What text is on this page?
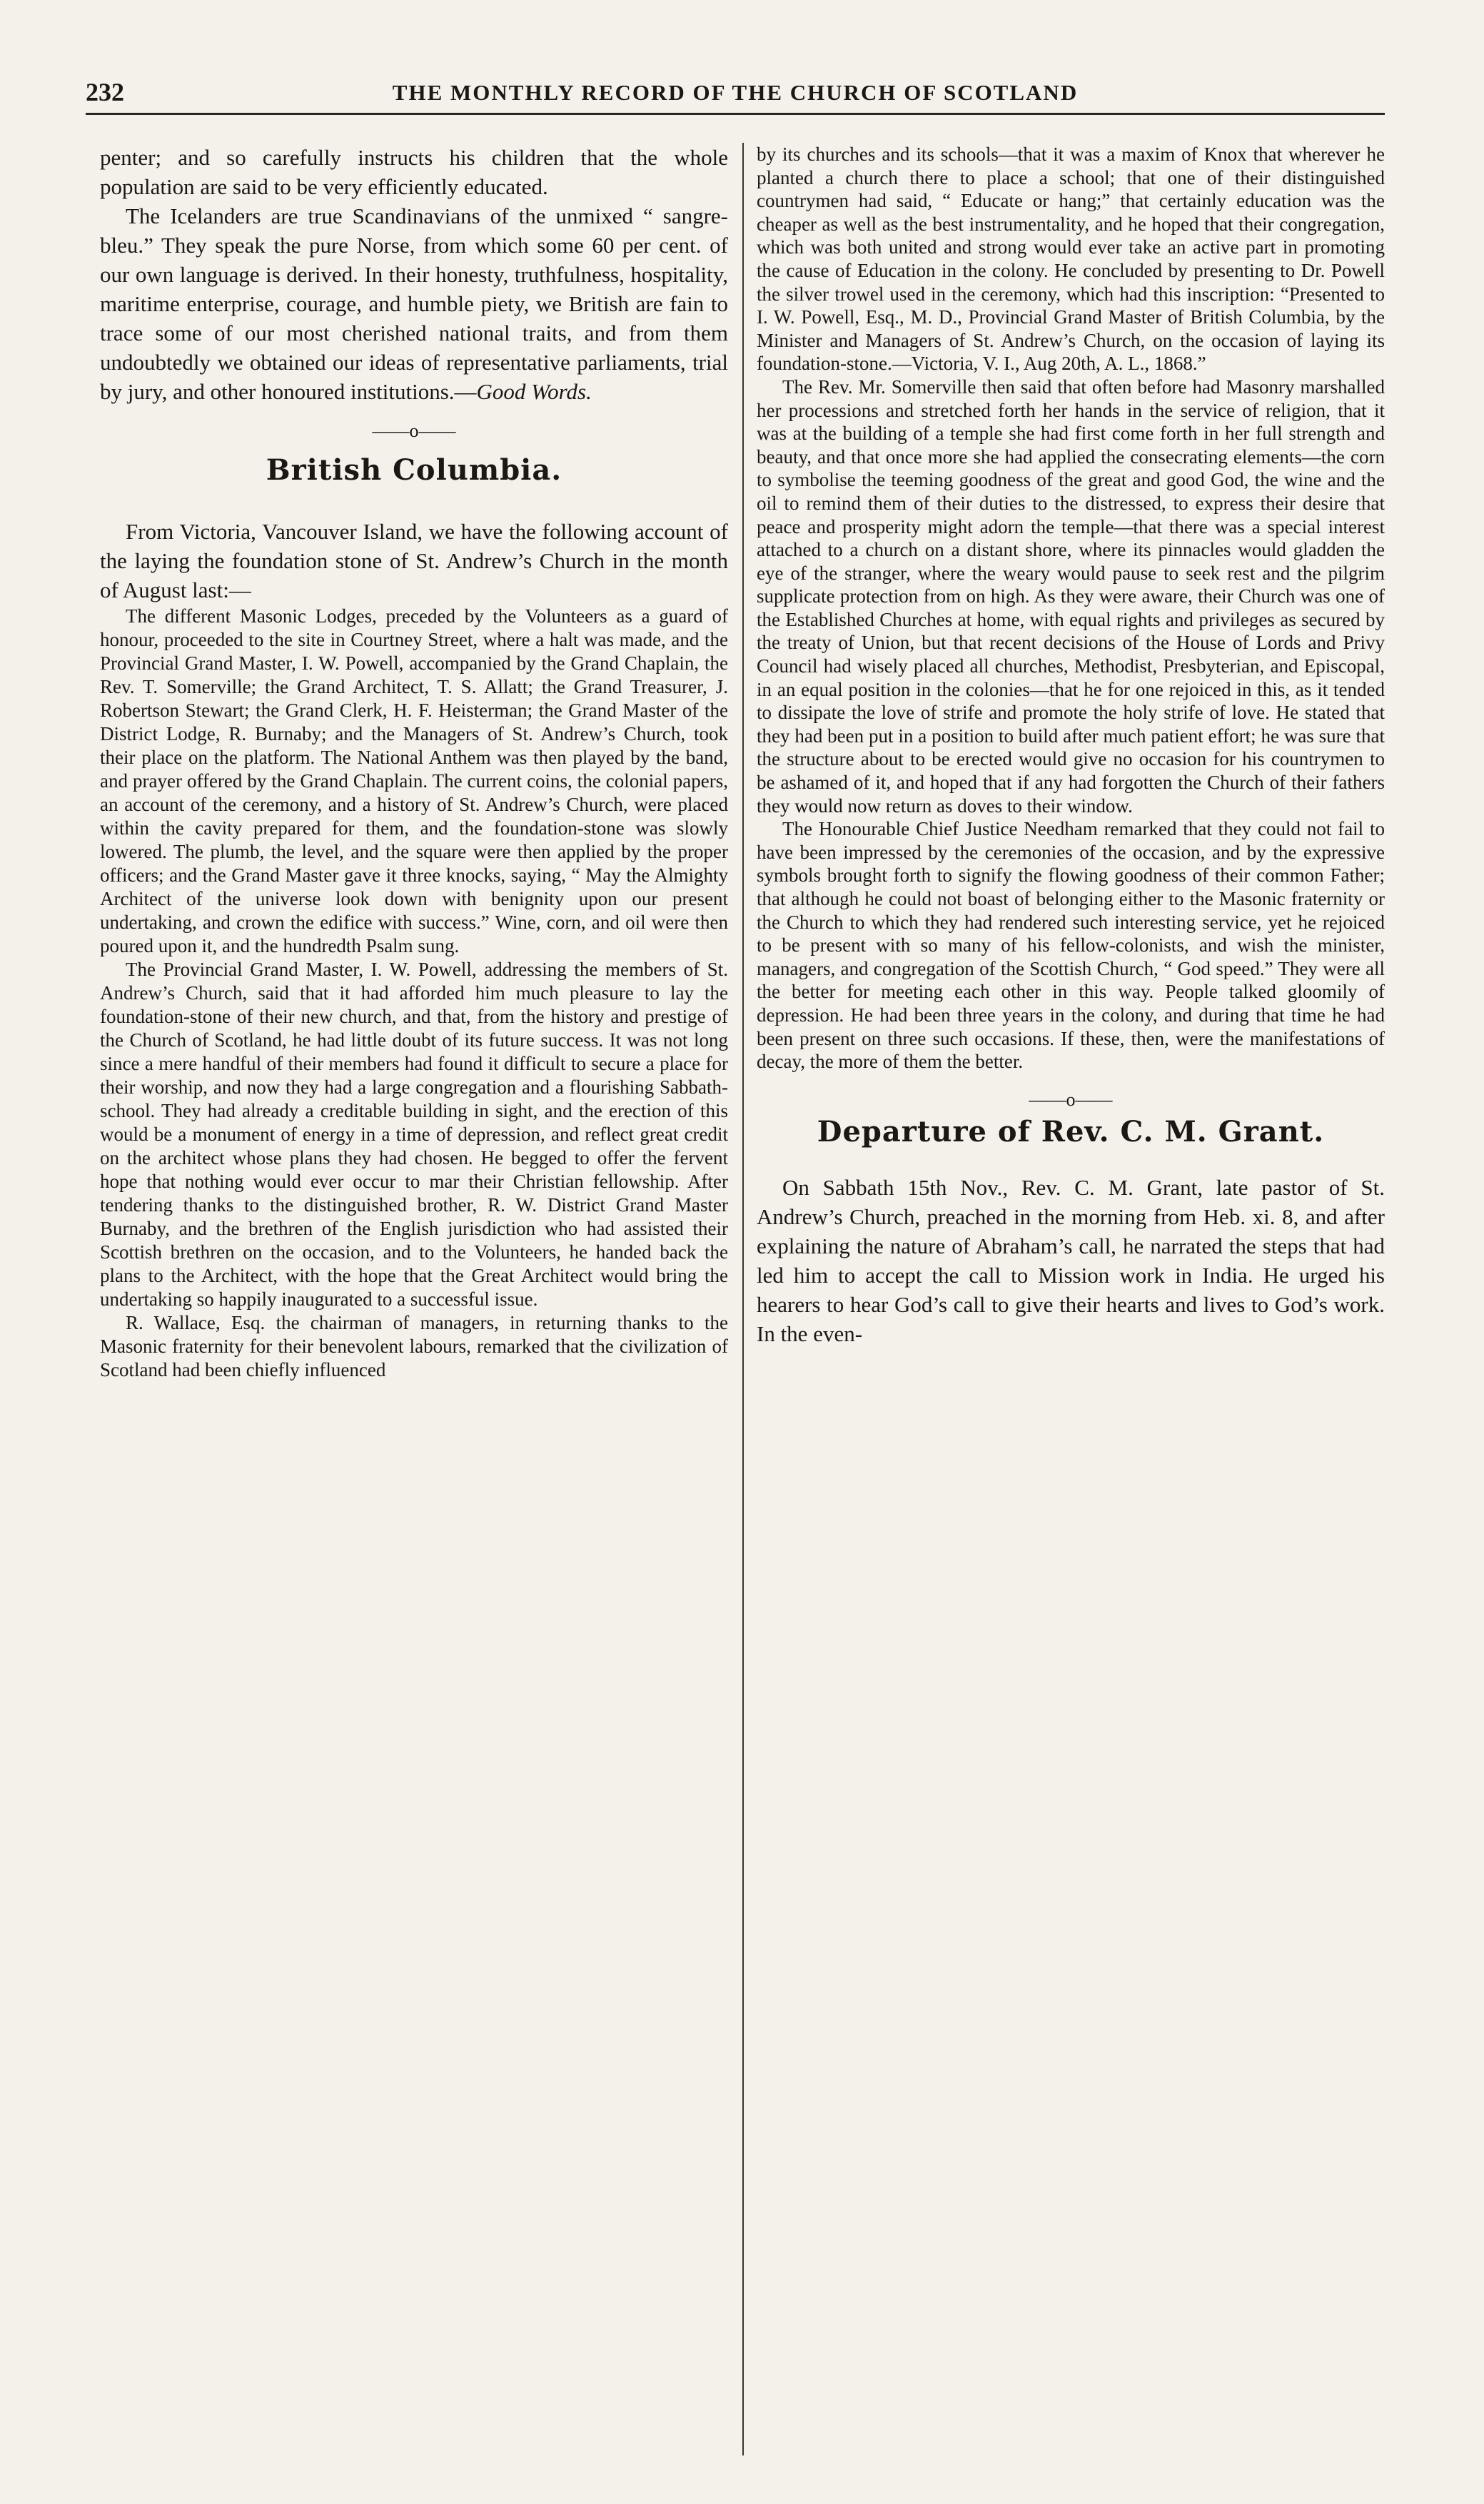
232	THE MONTHLY RECORD OF THE CHURCH OF SCOTLAND

penter; and so carefully instructs his children that the whole population are said to be very efficiently educated.

The Icelanders are true Scandinavians of the unmixed “ sangre-bleu.” They speak the pure Norse, from which some 60 per cent. of our own language is derived. In their honesty, truthfulness, hospitality, maritime enterprise, courage, and humble piety, we British are fain to trace some of our most cherished national traits, and from them undoubtedly we obtained our ideas of representative parliaments, trial by jury, and other honoured institutions.—Good Words.

——o——
British Columbia.

From Victoria, Vancouver Island, we have the following account of the laying the foundation stone of St. Andrew’s Church in the month of August last:—

The different Masonic Lodges, preceded by the Volunteers as a guard of honour, proceeded to the site in Courtney Street, where a halt was made, and the Provincial Grand Master, I. W. Powell, accompanied by the Grand Chaplain, the Rev. T. Somerville; the Grand Architect, T. S. Allatt; the Grand Treasurer, J. Robertson Stewart; the Grand Clerk, H. F. Heisterman; the Grand Master of the District Lodge, R. Burnaby; and the Managers of St. Andrew’s Church, took their place on the platform. The National Anthem was then played by the band, and prayer offered by the Grand Chaplain. The current coins, the colonial papers, an account of the ceremony, and a history of St. Andrew’s Church, were placed within the cavity prepared for them, and the foundation-stone was slowly lowered. The plumb, the level, and the square were then applied by the proper officers; and the Grand Master gave it three knocks, saying, “ May the Almighty Architect of the universe look down with benignity upon our present undertaking, and crown the edifice with success.” Wine, corn, and oil were then poured upon it, and the hundredth Psalm sung.

The Provincial Grand Master, I. W. Powell, addressing the members of St. Andrew’s Church, said that it had afforded him much pleasure to lay the foundation-stone of their new church, and that, from the history and prestige of the Church of Scotland, he had little doubt of its future success. It was not long since a mere handful of their members had found it difficult to secure a place for their worship, and now they had a large congregation and a flourishing Sabbath-school. They had already a creditable building in sight, and the erection of this would be a monument of energy in a time of depression, and reflect great credit on the architect whose plans they had chosen. He begged to offer the fervent hope that nothing would ever occur to mar their Christian fellowship. After tendering thanks to the distinguished brother, R. W. District Grand Master Burnaby, and the brethren of the English jurisdiction who had assisted their Scottish brethren on the occasion, and to the Volunteers, he handed back the plans to the Architect, with the hope that the Great Architect would bring the undertaking so happily inaugurated to a successful issue.

R. Wallace, Esq. the chairman of managers, in returning thanks to the Masonic fraternity for their benevolent labours, remarked that the civilization of Scotland had been chiefly influenced

by its churches and its schools—that it was a maxim of Knox that wherever he planted a church there to place a school; that one of their distinguished countrymen had said, “ Educate or hang;” that certainly education was the cheaper as well as the best instrumentality, and he hoped that their congregation, which was both united and strong would ever take an active part in promoting the cause of Education in the colony. He concluded by presenting to Dr. Powell the silver trowel used in the ceremony, which had this inscription: “Presented to I. W. Powell, Esq., M. D., Provincial Grand Master of British Columbia, by the Minister and Managers of St. Andrew’s Church, on the occasion of laying its foundation-stone.—Victoria, V. I., Aug 20th, A. L., 1868.”

The Rev. Mr. Somerville then said that often before had Masonry marshalled her processions and stretched forth her hands in the service of religion, that it was at the building of a temple she had first come forth in her full strength and beauty, and that once more she had applied the consecrating elements—the corn to symbolise the teeming goodness of the great and good God, the wine and the oil to remind them of their duties to the distressed, to express their desire that peace and prosperity might adorn the temple—that there was a special interest attached to a church on a distant shore, where its pinnacles would gladden the eye of the stranger, where the weary would pause to seek rest and the pilgrim supplicate protection from on high. As they were aware, their Church was one of the Established Churches at home, with equal rights and privileges as secured by the treaty of Union, but that recent decisions of the House of Lords and Privy Council had wisely placed all churches, Methodist, Presbyterian, and Episcopal, in an equal position in the colonies—that he for one rejoiced in this, as it tended to dissipate the love of strife and promote the holy strife of love. He stated that they had been put in a position to build after much patient effort; he was sure that the structure about to be erected would give no occasion for his countrymen to be ashamed of it, and hoped that if any had forgotten the Church of their fathers they would now return as doves to their window.

The Honourable Chief Justice Needham remarked that they could not fail to have been impressed by the ceremonies of the occasion, and by the expressive symbols brought forth to signify the flowing goodness of their common Father; that although he could not boast of belonging either to the Masonic fraternity or the Church to which they had rendered such interesting service, yet he rejoiced to be present with so many of his fellow-colonists, and wish the minister, managers, and congregation of the Scottish Church, “ God speed.” They were all the better for meeting each other in this way. People talked gloomily of depression. He had been three years in the colony, and during that time he had been present on three such occasions. If these, then, were the manifestations of decay, the more of them the better.

——o——
Departure of Rev. C. M. Grant.

On Sabbath 15th Nov., Rev. C. M. Grant, late pastor of St. Andrew’s Church, preached in the morning from Heb. xi. 8, and after explaining the nature of Abraham’s call, he narrated the steps that had led him to accept the call to Mission work in India. He urged his hearers to hear God’s call to give their hearts and lives to God’s work. In the even-
